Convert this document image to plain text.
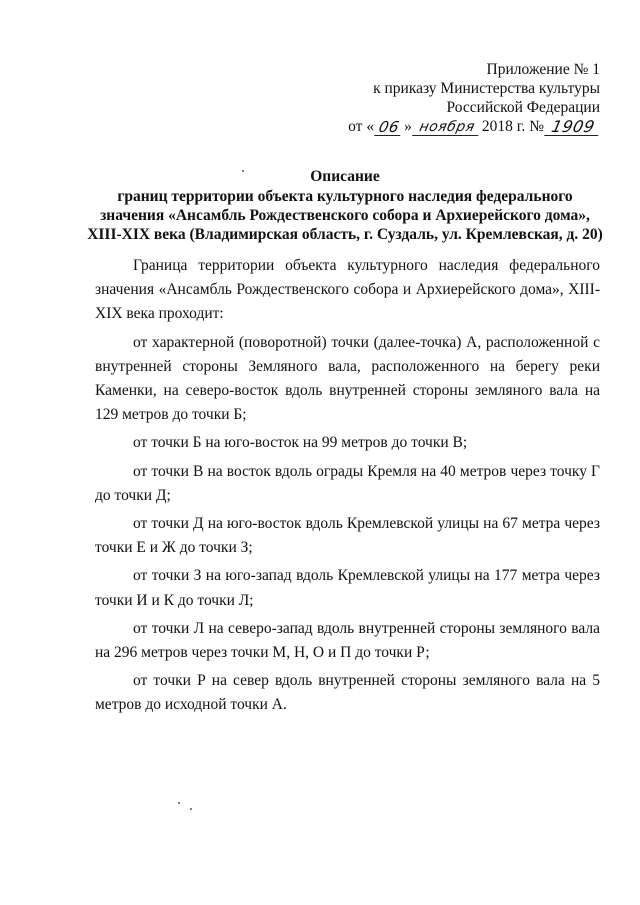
Приложение № 1
к приказу Министерства культуры
Российской Федерации
от « 06 » ноября 2018 г. № 1909
Описание
границ территории объекта культурного наследия федерального
значения «Ансамбль Рождественского собора и Архиерейского дома»,
XIII-XIX века (Владимирская область, г. Суздаль, ул. Кремлевская, д. 20)

Граница территории объекта культурного наследия федерального значения «Ансамбль Рождественского собора и Архиерейского дома», XIII-XIX века проходит:

от характерной (поворотной) точки (далее-точка) А, расположенной с внутренней стороны Земляного вала, расположенного на берегу реки Каменки, на северо-восток вдоль внутренней стороны земляного вала на 129 метров до точки Б;

от точки Б на юго-восток на 99 метров до точки В;

от точки В на восток вдоль ограды Кремля на 40 метров через точку Г до точки Д;

от точки Д на юго-восток вдоль Кремлевской улицы на 67 метра через точки Е и Ж до точки З;

от точки З на юго-запад вдоль Кремлевской улицы на 177 метра через точки И и К до точки Л;

от точки Л на северо-запад вдоль внутренней стороны земляного вала на 296 метров через точки М, Н, О и П до точки Р;

от точки Р на север вдоль внутренней стороны земляного вала на 5 метров до исходной точки А.
